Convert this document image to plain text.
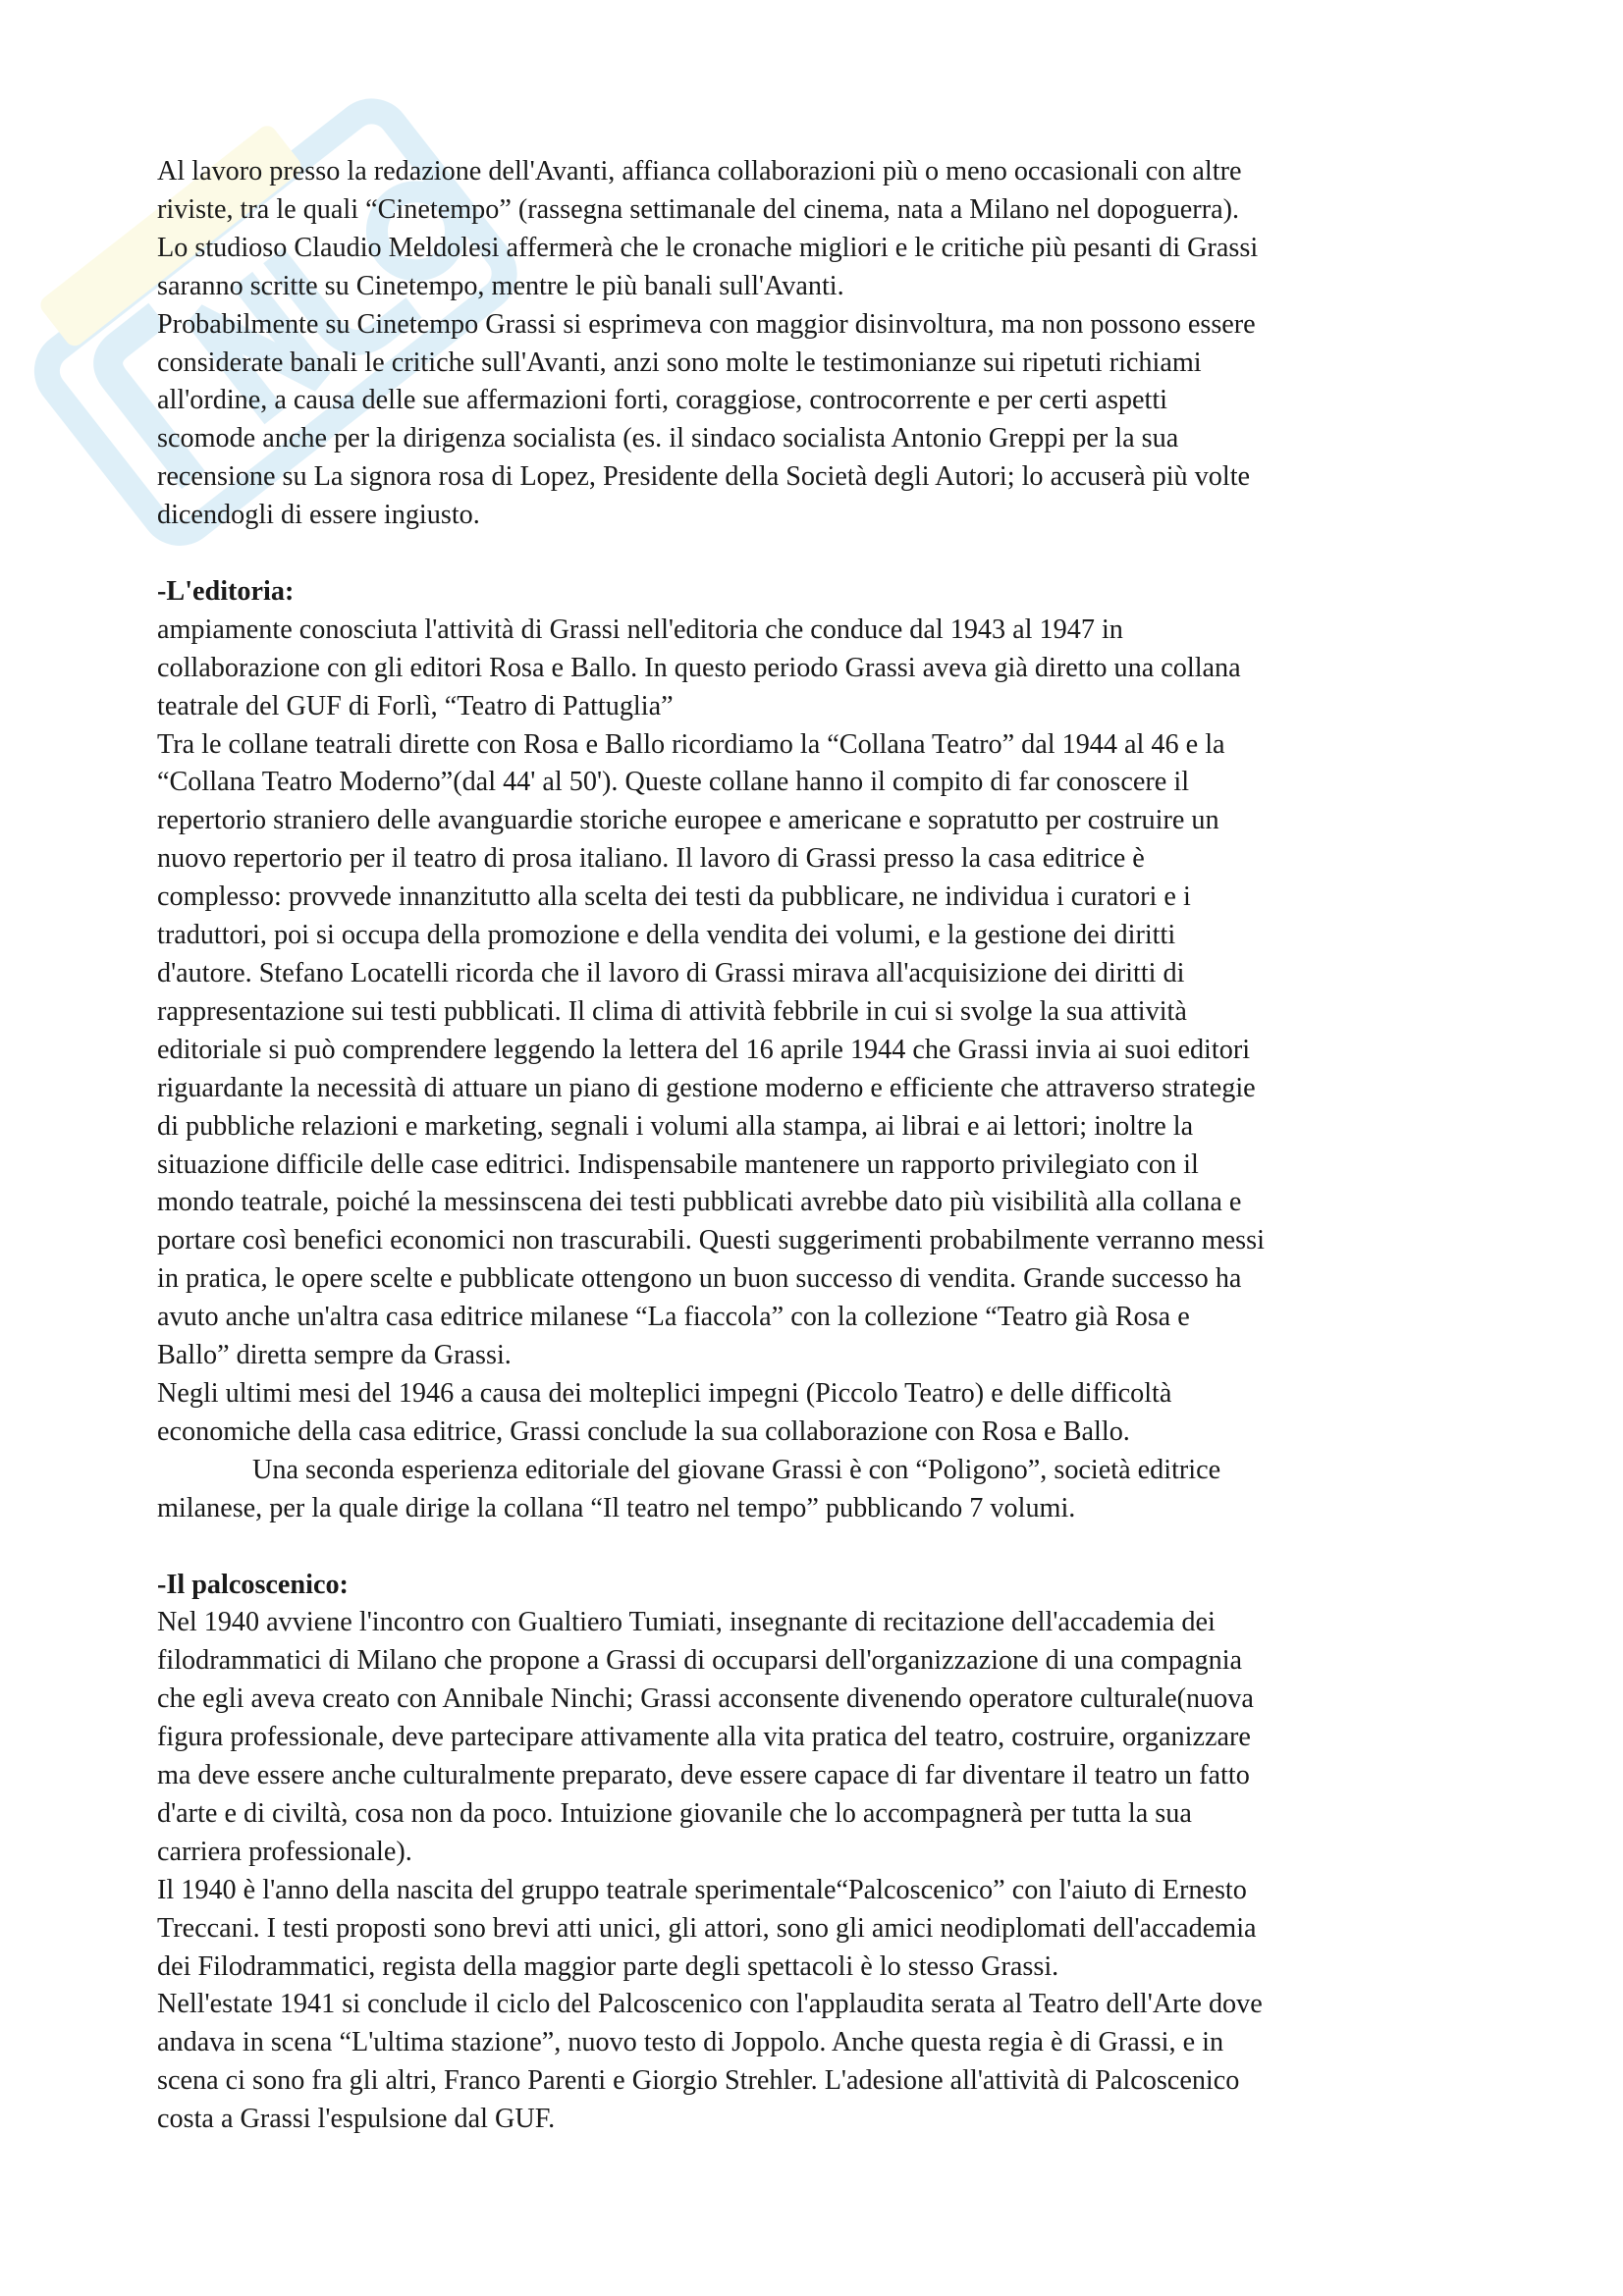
Al lavoro presso la redazione dell'Avanti, affianca collaborazioni più o meno occasionali con altre
riviste, tra le quali “Cinetempo” (rassegna settimanale del cinema, nata a Milano nel dopoguerra).
Lo studioso Claudio Meldolesi affermerà che le cronache migliori e le critiche più pesanti di Grassi
saranno scritte su Cinetempo, mentre le più banali sull'Avanti.
Probabilmente su Cinetempo Grassi si esprimeva con maggior disinvoltura, ma non possono essere
considerate banali le critiche sull'Avanti, anzi sono molte le testimonianze sui ripetuti richiami
all'ordine, a causa delle sue affermazioni forti, coraggiose, controcorrente e per certi aspetti
scomode anche per la dirigenza socialista (es. il sindaco socialista Antonio Greppi per la sua
recensione su La signora rosa di Lopez, Presidente della Società degli Autori; lo accuserà più volte
dicendogli di essere ingiusto.
-L'editoria:
ampiamente conosciuta l'attività di Grassi nell'editoria che conduce dal 1943 al 1947 in
collaborazione con gli editori Rosa e Ballo. In questo periodo Grassi aveva già diretto una collana
teatrale del GUF di Forlì, “Teatro di Pattuglia”
Tra le collane teatrali dirette con Rosa e Ballo ricordiamo la “Collana Teatro” dal 1944 al 46 e la
“Collana Teatro Moderno”(dal 44' al 50'). Queste collane hanno il compito di far conoscere il
repertorio straniero delle avanguardie storiche europee e americane e sopratutto per costruire un
nuovo repertorio per il teatro di prosa italiano. Il lavoro di Grassi presso la casa editrice è
complesso: provvede innanzitutto alla scelta dei testi da pubblicare, ne individua i curatori e i
traduttori, poi si occupa della promozione e della vendita dei volumi, e la gestione dei diritti
d'autore. Stefano Locatelli ricorda che il lavoro di Grassi mirava all'acquisizione dei diritti di
rappresentazione sui testi pubblicati. Il clima di attività febbrile in cui si svolge la sua attività
editoriale si può comprendere leggendo la lettera del 16 aprile 1944 che Grassi invia ai suoi editori
riguardante la necessità di attuare un piano di gestione moderno e efficiente che attraverso strategie
di pubbliche relazioni e marketing, segnali i volumi alla stampa, ai librai e ai lettori; inoltre la
situazione difficile delle case editrici. Indispensabile mantenere un rapporto privilegiato con il
mondo teatrale, poiché la messinscena dei testi pubblicati avrebbe dato più visibilità alla collana e
portare così benefici economici non trascurabili. Questi suggerimenti probabilmente verranno messi
in pratica, le opere scelte e pubblicate ottengono un buon successo di vendita. Grande successo ha
avuto anche un'altra casa editrice milanese “La fiaccola” con la collezione “Teatro già Rosa e
Ballo” diretta sempre da Grassi.
Negli ultimi mesi del 1946 a causa dei molteplici impegni (Piccolo Teatro) e delle difficoltà
economiche della casa editrice, Grassi conclude la sua collaborazione con Rosa e Ballo.
Una seconda esperienza editoriale del giovane Grassi è con “Poligono”, società editrice
milanese, per la quale dirige la collana “Il teatro nel tempo” pubblicando 7 volumi.
-Il palcoscenico:
Nel 1940 avviene l'incontro con Gualtiero Tumiati, insegnante di recitazione dell'accademia dei
filodrammatici di Milano che propone a Grassi di occuparsi dell'organizzazione di una compagnia
che egli aveva creato con Annibale Ninchi; Grassi acconsente divenendo operatore culturale(nuova
figura professionale, deve partecipare attivamente alla vita pratica del teatro, costruire, organizzare
ma deve essere anche culturalmente preparato, deve essere capace di far diventare il teatro un fatto
d'arte e di civiltà, cosa non da poco. Intuizione giovanile che lo accompagnerà per tutta la sua
carriera professionale).
Il 1940 è l'anno della nascita del gruppo teatrale sperimentale“Palcoscenico” con l'aiuto di Ernesto
Treccani. I testi proposti sono brevi atti unici, gli attori, sono gli amici neodiplomati dell'accademia
dei Filodrammatici, regista della maggior parte degli spettacoli è lo stesso Grassi.
Nell'estate 1941 si conclude il ciclo del Palcoscenico con l'applaudita serata al Teatro dell'Arte dove
andava in scena “L'ultima stazione”, nuovo testo di Joppolo. Anche questa regia è di Grassi, e in
scena ci sono fra gli altri, Franco Parenti e Giorgio Strehler. L'adesione all'attività di Palcoscenico
costa a Grassi l'espulsione dal GUF.
